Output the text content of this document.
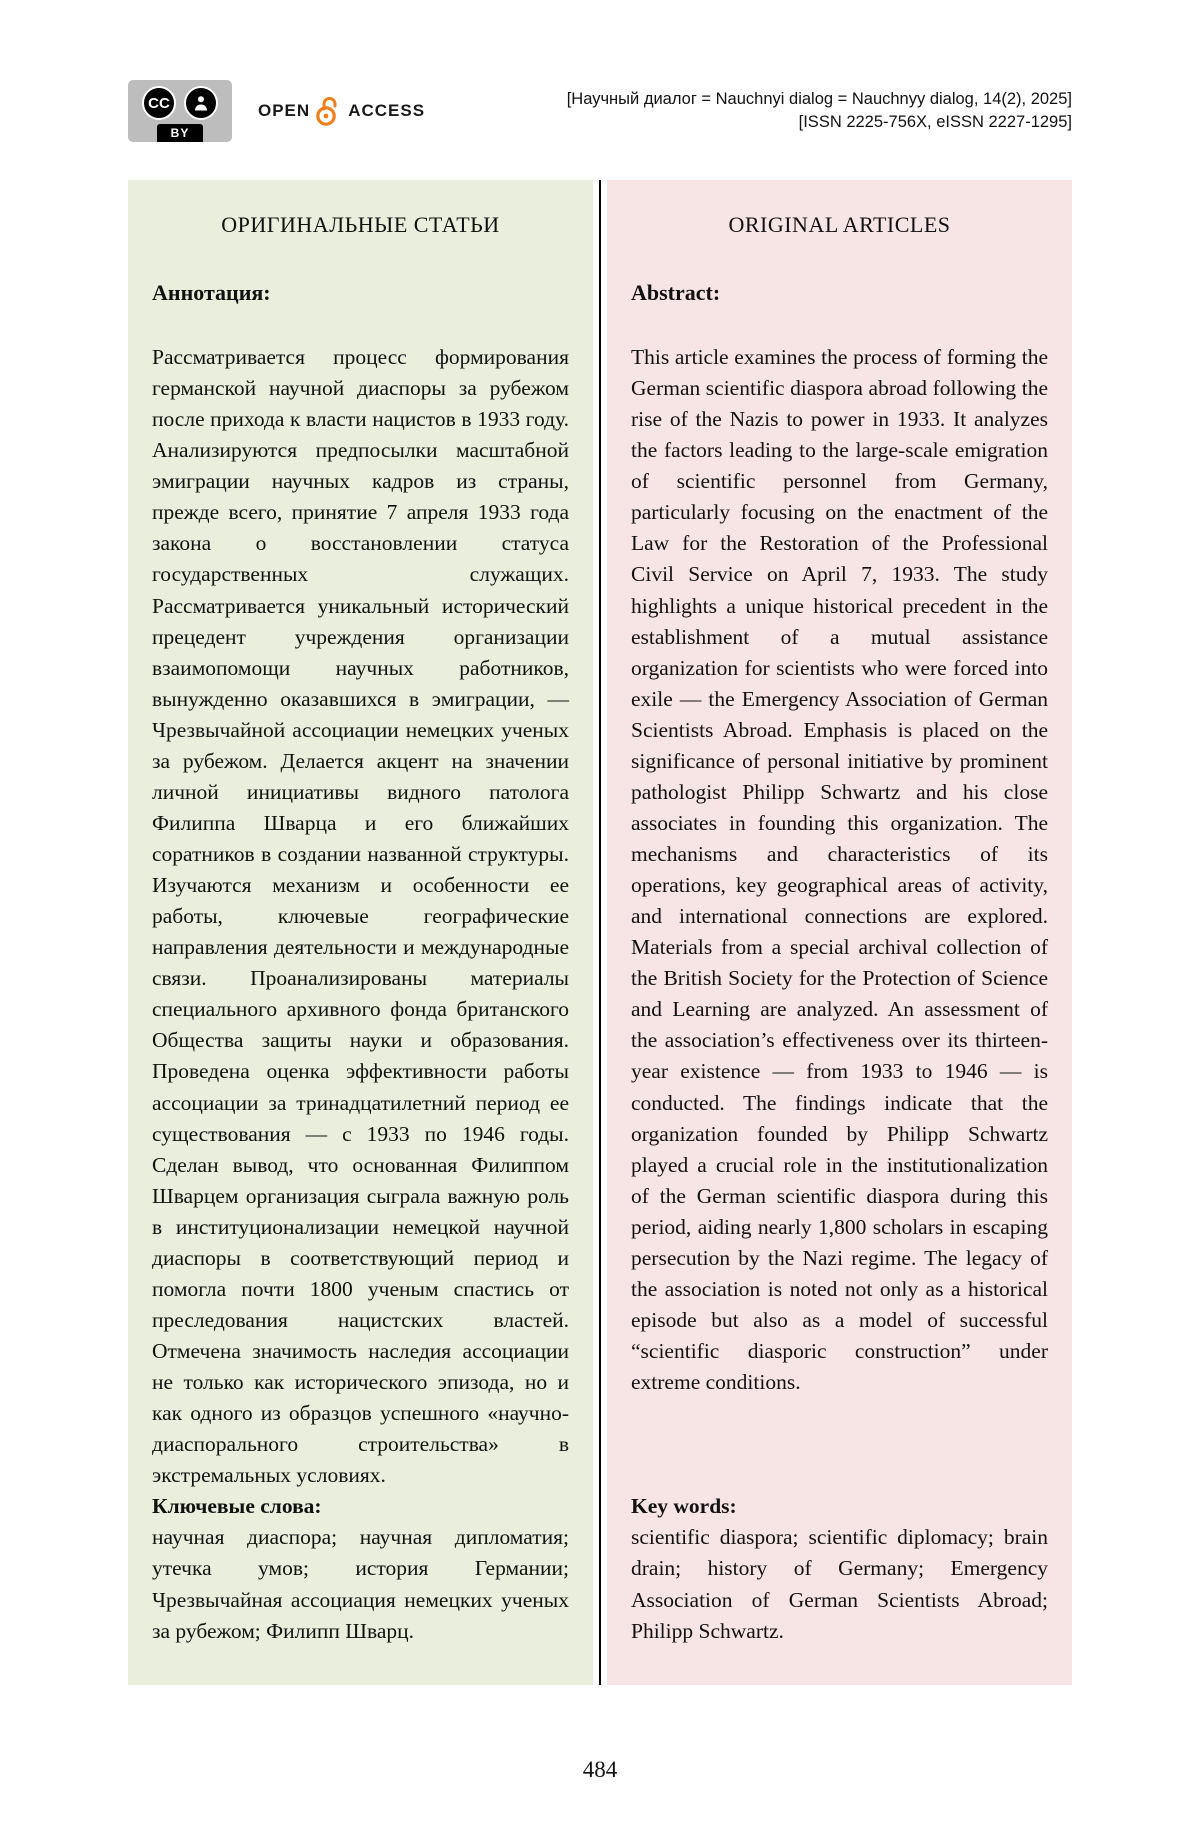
CC
BY
OPEN ACCESS
[Научный диалог = Nauchnyi dialog = Nauchnyy dialog, 14(2), 2025]
[ISSN 2225-756X, eISSN 2227-1295]
ОРИГИНАЛЬНЫЕ СТАТЬИ

Аннотация:

Рассматривается процесс формирования германской научной диаспоры за рубежом после прихода к власти нацистов в 1933 году. Анализируются предпосылки масштабной эмиграции научных кадров из страны, прежде всего, принятие 7 апреля 1933 года закона о восстановлении статуса государственных служащих. Рассматривается уникальный исторический прецедент учреждения организации взаимопомощи научных работников, вынужденно оказавшихся в эмиграции, — Чрезвычайной ассоциации немецких ученых за рубежом. Делается акцент на значении личной инициативы видного патолога Филиппа Шварца и его ближайших соратников в создании названной структуры. Изучаются механизм и особенности ее работы, ключевые географические направления деятельности и международные связи. Проанализированы материалы специального архивного фонда британского Общества защиты науки и образования. Проведена оценка эффективности работы ассоциации за тринадцатилетний период ее существования — с 1933 по 1946 годы. Сделан вывод, что основанная Филиппом Шварцем организация сыграла важную роль в институционализации немецкой научной диаспоры в соответствующий период и помогла почти 1800 ученым спастись от преследования нацистских властей. Отмечена значимость наследия ассоциации не только как исторического эпизода, но и как одного из образцов успешного «научно-диаспорального строительства» в экстремальных условиях.

Ключевые слова:

научная диаспора; научная дипломатия; утечка умов; история Германии; Чрезвычайная ассоциация немецких ученых за рубежом; Филипп Шварц.

ORIGINAL ARTICLES

Abstract:

This article examines the process of forming the German scientific diaspora abroad following the rise of the Nazis to power in 1933. It analyzes the factors leading to the large-scale emigration of scientific personnel from Germany, particularly focusing on the enactment of the Law for the Restoration of the Professional Civil Service on April 7, 1933. The study highlights a unique historical precedent in the establishment of a mutual assistance organization for scientists who were forced into exile — the Emergency Association of German Scientists Abroad. Emphasis is placed on the significance of personal initiative by prominent pathologist Philipp Schwartz and his close associates in founding this organization. The mechanisms and characteristics of its operations, key geographical areas of activity, and international connections are explored. Materials from a special archival collection of the British Society for the Protection of Science and Learning are analyzed. An assessment of the association’s effectiveness over its thirteen-year existence — from 1933 to 1946 — is conducted. The findings indicate that the organization founded by Philipp Schwartz played a crucial role in the institutionalization of the German scientific diaspora during this period, aiding nearly 1,800 scholars in escaping persecution by the Nazi regime. The legacy of the association is noted not only as a historical episode but also as a model of successful “scientific diasporic construction” under extreme conditions.

Key words:

scientific diaspora; scientific diplomacy; brain drain; history of Germany; Emergency Association of German Scientists Abroad; Philipp Schwartz.

484
